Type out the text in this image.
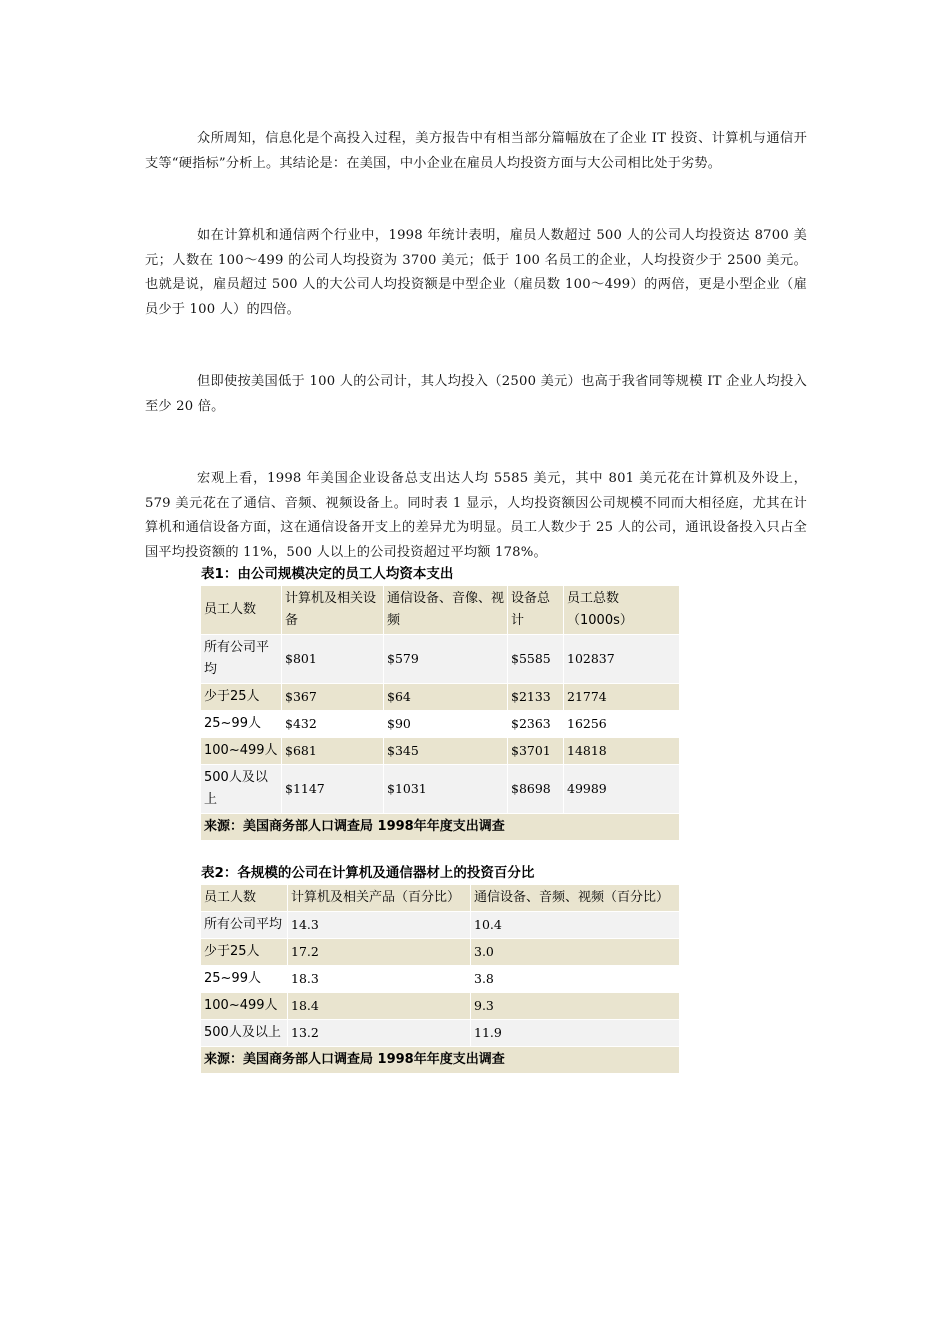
众所周知，信息化是个高投入过程，美方报告中有相当部分篇幅放在了企业 IT 投资、计算机与通信开支等“硬指标”分析上。其结论是：在美国，中小企业在雇员人均投资方面与大公司相比处于劣势。

如在计算机和通信两个行业中，1998 年统计表明，雇员人数超过 500 人的公司人均投资达 8700 美元；人数在 100～499 的公司人均投资为 3700 美元；低于 100 名员工的企业，人均投资少于 2500 美元。也就是说，雇员超过 500 人的大公司人均投资额是中型企业（雇员数 100～499）的两倍，更是小型企业（雇员少于 100 人）的四倍。

但即使按美国低于 100 人的公司计，其人均投入（2500 美元）也高于我省同等规模 IT 企业人均投入至少 20 倍。

宏观上看，1998 年美国企业设备总支出达人均 5585 美元，其中 801 美元花在计算机及外设上，579 美元花在了通信、音频、视频设备上。同时表 1 显示，人均投资额因公司规模不同而大相径庭，尤其在计算机和通信设备方面，这在通信设备开支上的差异尤为明显。员工人数少于 25 人的公司，通讯设备投入只占全国平均投资额的 11%，500 人以上的公司投资超过平均额 178%。

表1：由公司规模决定的员工人均资本支出
员工人数	计算机及相关设备	通信设备、音像、视频	设备总计	员工总数（1000s）
所有公司平均	$801	$579	$5585	102837
少于25人	$367	$64	$2133	21774
25~99人	$432	$90	$2363	16256
100~499人	$681	$345	$3701	14818
500人及以上	$1147	$1031	$8698	49989
来源：美国商务部人口调查局 1998年年度支出调查				
表2：各规模的公司在计算机及通信器材上的投资百分比
员工人数	计算机及相关产品（百分比）	通信设备、音频、视频（百分比）
所有公司平均	14.3	10.4
少于25人	17.2	3.0
25~99人	18.3	3.8
100~499人	18.4	9.3
500人及以上	13.2	11.9
来源：美国商务部人口调查局 1998年年度支出调查		
